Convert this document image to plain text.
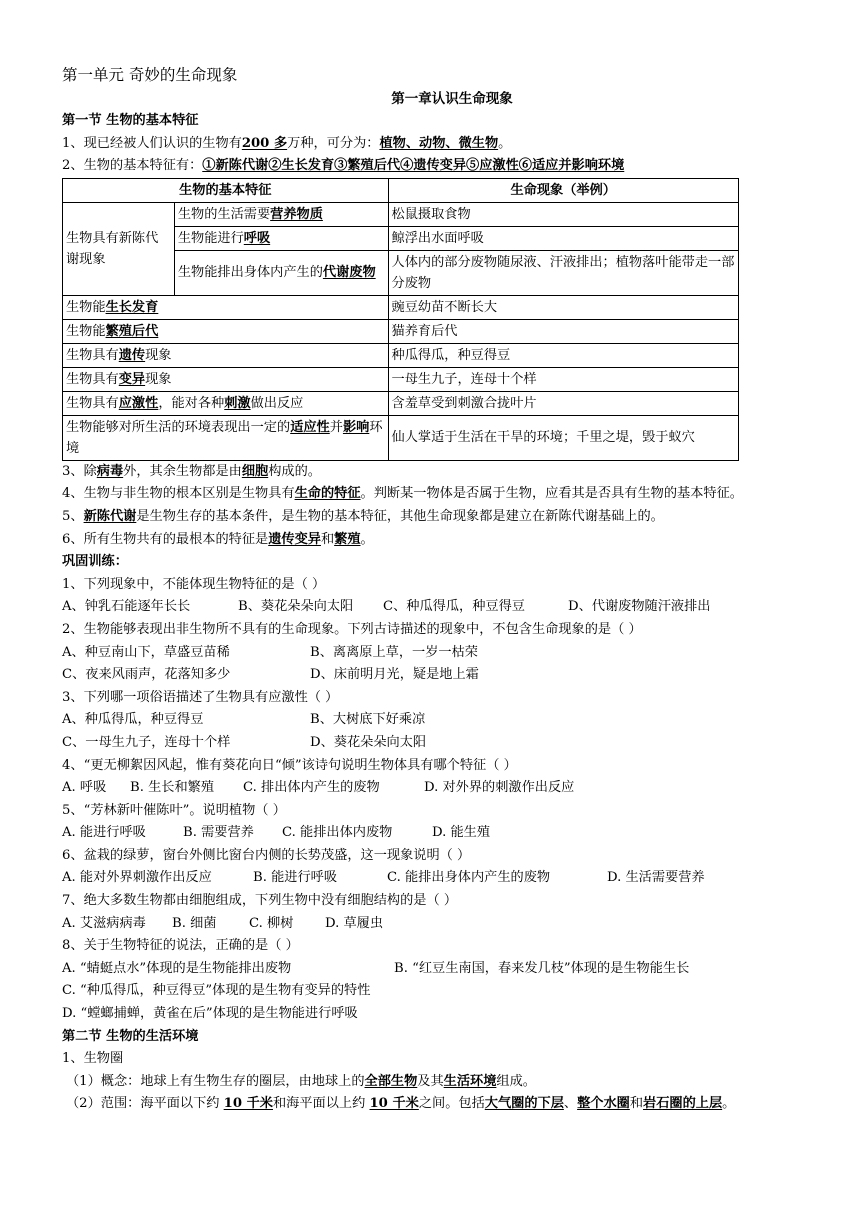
第一单元 奇妙的生命现象
第一章认识生命现象
第一节 生物的基本特征
1、现已经被人们认识的生物有200 多万种，可分为：植物、动物、微生物。
2、生物的基本特征有：①新陈代谢②生长发育③繁殖后代④遗传变异⑤应激性⑥适应并影响环境
生物的基本特征		生命现象（举例）
生物具有新陈代谢现象	生物的生活需要营养物质	松鼠摄取食物
	生物能进行呼吸	鲸浮出水面呼吸
	生物能排出身体内产生的代谢废物	人体内的部分废物随尿液、汗液排出；植物落叶能带走一部分废物
生物能生长发育		豌豆幼苗不断长大
生物能繁殖后代		猫养育后代
生物具有遗传现象		种瓜得瓜，种豆得豆
生物具有变异现象		一母生九子，连母十个样
生物具有应激性，能对各种刺激做出反应		含羞草受到刺激合拢叶片
生物能够对所生活的环境表现出一定的适应性并影响环境		仙人掌适于生活在干旱的环境；千里之堤，毁于蚁穴
3、除病毒外，其余生物都是由细胞构成的。
4、生物与非生物的根本区别是生物具有生命的特征。判断某一物体是否属于生物，应看其是否具有生物的基本特征。
5、新陈代谢是生物生存的基本条件，是生物的基本特征，其他生命现象都是建立在新陈代谢基础上的。
6、所有生物共有的最根本的特征是遗传变异和繁殖。
巩固训练：
1、下列现象中，不能体现生物特征的是（ ）
A、钟乳石能逐年长长	B、葵花朵朵向太阳 C、种瓜得瓜，种豆得豆	D、代谢废物随汗液排出
2、生物能够表现出非生物所不具有的生命现象。下列古诗描述的现象中，不包含生命现象的是（ ）
A、种豆南山下，草盛豆苗稀	B、离离原上草，一岁一枯荣
C、夜来风雨声，花落知多少	D、床前明月光，疑是地上霜
3、下列哪一项俗语描述了生物具有应激性（ ）
A、种瓜得瓜，种豆得豆	B、大树底下好乘凉
C、一母生九子，连母十个样	D、葵花朵朵向太阳
4、“更无柳絮因风起，惟有葵花向日“倾”该诗句说明生物体具有哪个特征（ ）
A. 呼吸 B. 生长和繁殖 C. 排出体内产生的废物	D. 对外界的刺激作出反应
5、“芳林新叶催陈叶”。说明植物（ ）
A. 能进行呼吸	B. 需要营养 C. 能排出体内废物	D. 能生殖
6、盆栽的绿萝，窗台外侧比窗台内侧的长势茂盛，这一现象说明（ ）
A. 能对外界刺激作出反应	B. 能进行呼吸	C. 能排出身体内产生的废物	D. 生活需要营养
7、绝大多数生物都由细胞组成，下列生物中没有细胞结构的是（ ）
A. 艾滋病病毒 B. 细菌 C. 柳树 D. 草履虫
8、关于生物特征的说法，正确的是（ ）
A. “蜻蜓点水”体现的是生物能排出废物	B. “红豆生南国，春来发几枝”体现的是生物能生长
C. “种瓜得瓜，种豆得豆”体现的是生物有变异的特性
D. “螳螂捕蝉，黄雀在后”体现的是生物能进行呼吸
第二节 生物的生活环境
1、生物圈
（1）概念：地球上有生物生存的圈层，由地球上的全部生物及其生活环境组成。
（2）范围：海平面以下约 10 千米和海平面以上约 10 千米之间。包括大气圈的下层、整个水圈和岩石圈的上层。
